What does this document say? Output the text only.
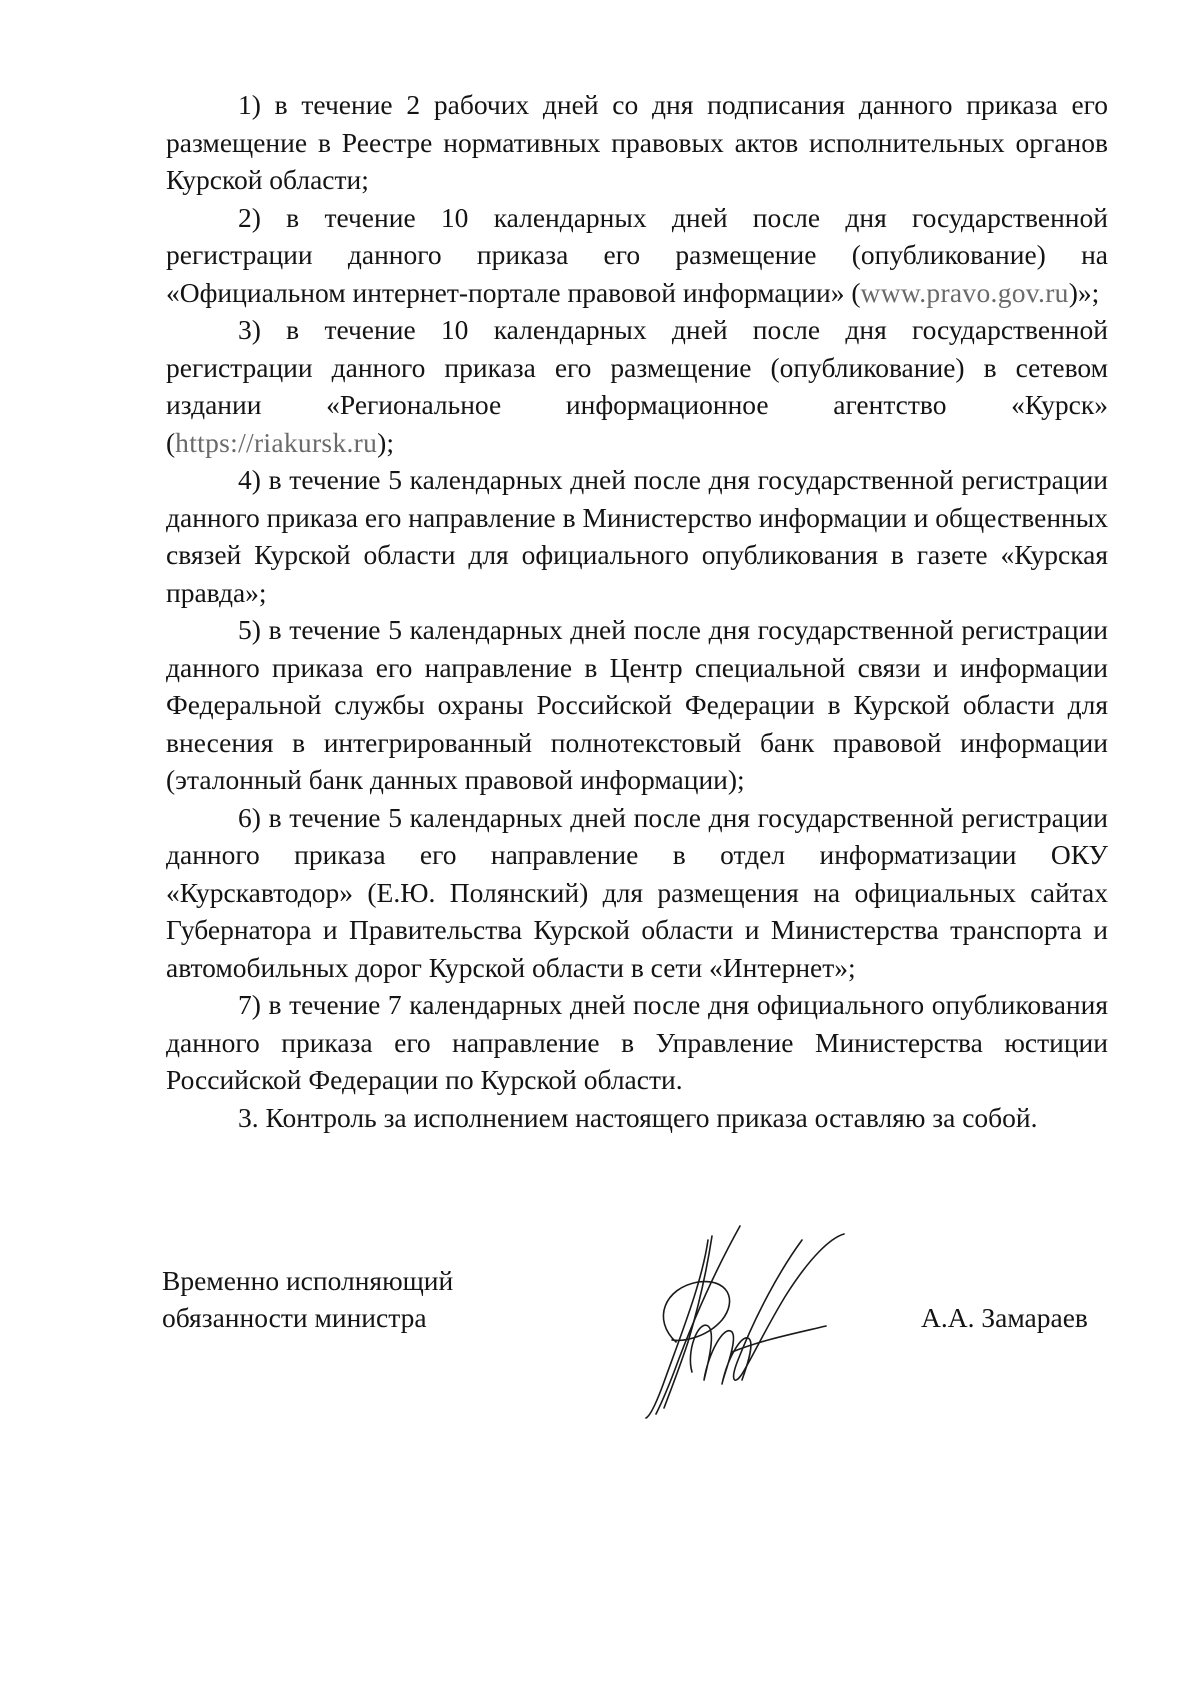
1) в течение 2 рабочих дней со дня подписания данного приказа его размещение в Реестре нормативных правовых актов исполнительных органов Курской области;

2) в течение 10 календарных дней после дня государственной регистрации данного приказа его размещение (опубликование) на «Официальном интернет-портале правовой информации» (www.pravo.gov.ru)»;

3) в течение 10 календарных дней после дня государственной регистрации данного приказа его размещение (опубликование) в сетевом издании «Региональное информационное агентство «Курск» (https://riakursk.ru);

4) в течение 5 календарных дней после дня государственной регистрации данного приказа его направление в Министерство информации и общественных связей Курской области для официального опубликования в газете «Курская правда»;

5) в течение 5 календарных дней после дня государственной регистрации данного приказа его направление в Центр специальной связи и информации Федеральной службы охраны Российской Федерации в Курской области для внесения в интегрированный полнотекстовый банк правовой информации (эталонный банк данных правовой информации);

6) в течение 5 календарных дней после дня государственной регистрации данного приказа его направление в отдел информатизации ОКУ «Курскавтодор» (Е.Ю. Полянский) для размещения на официальных сайтах Губернатора и Правительства Курской области и Министерства транспорта и автомобильных дорог Курской области в сети «Интернет»;

7) в течение 7 календарных дней после дня официального опубликования данного приказа его направление в Управление Министерства юстиции Российской Федерации по Курской области.

3. Контроль за исполнением настоящего приказа оставляю за собой.

Временно исполняющий
обязанности министра	А.А. Замараев
